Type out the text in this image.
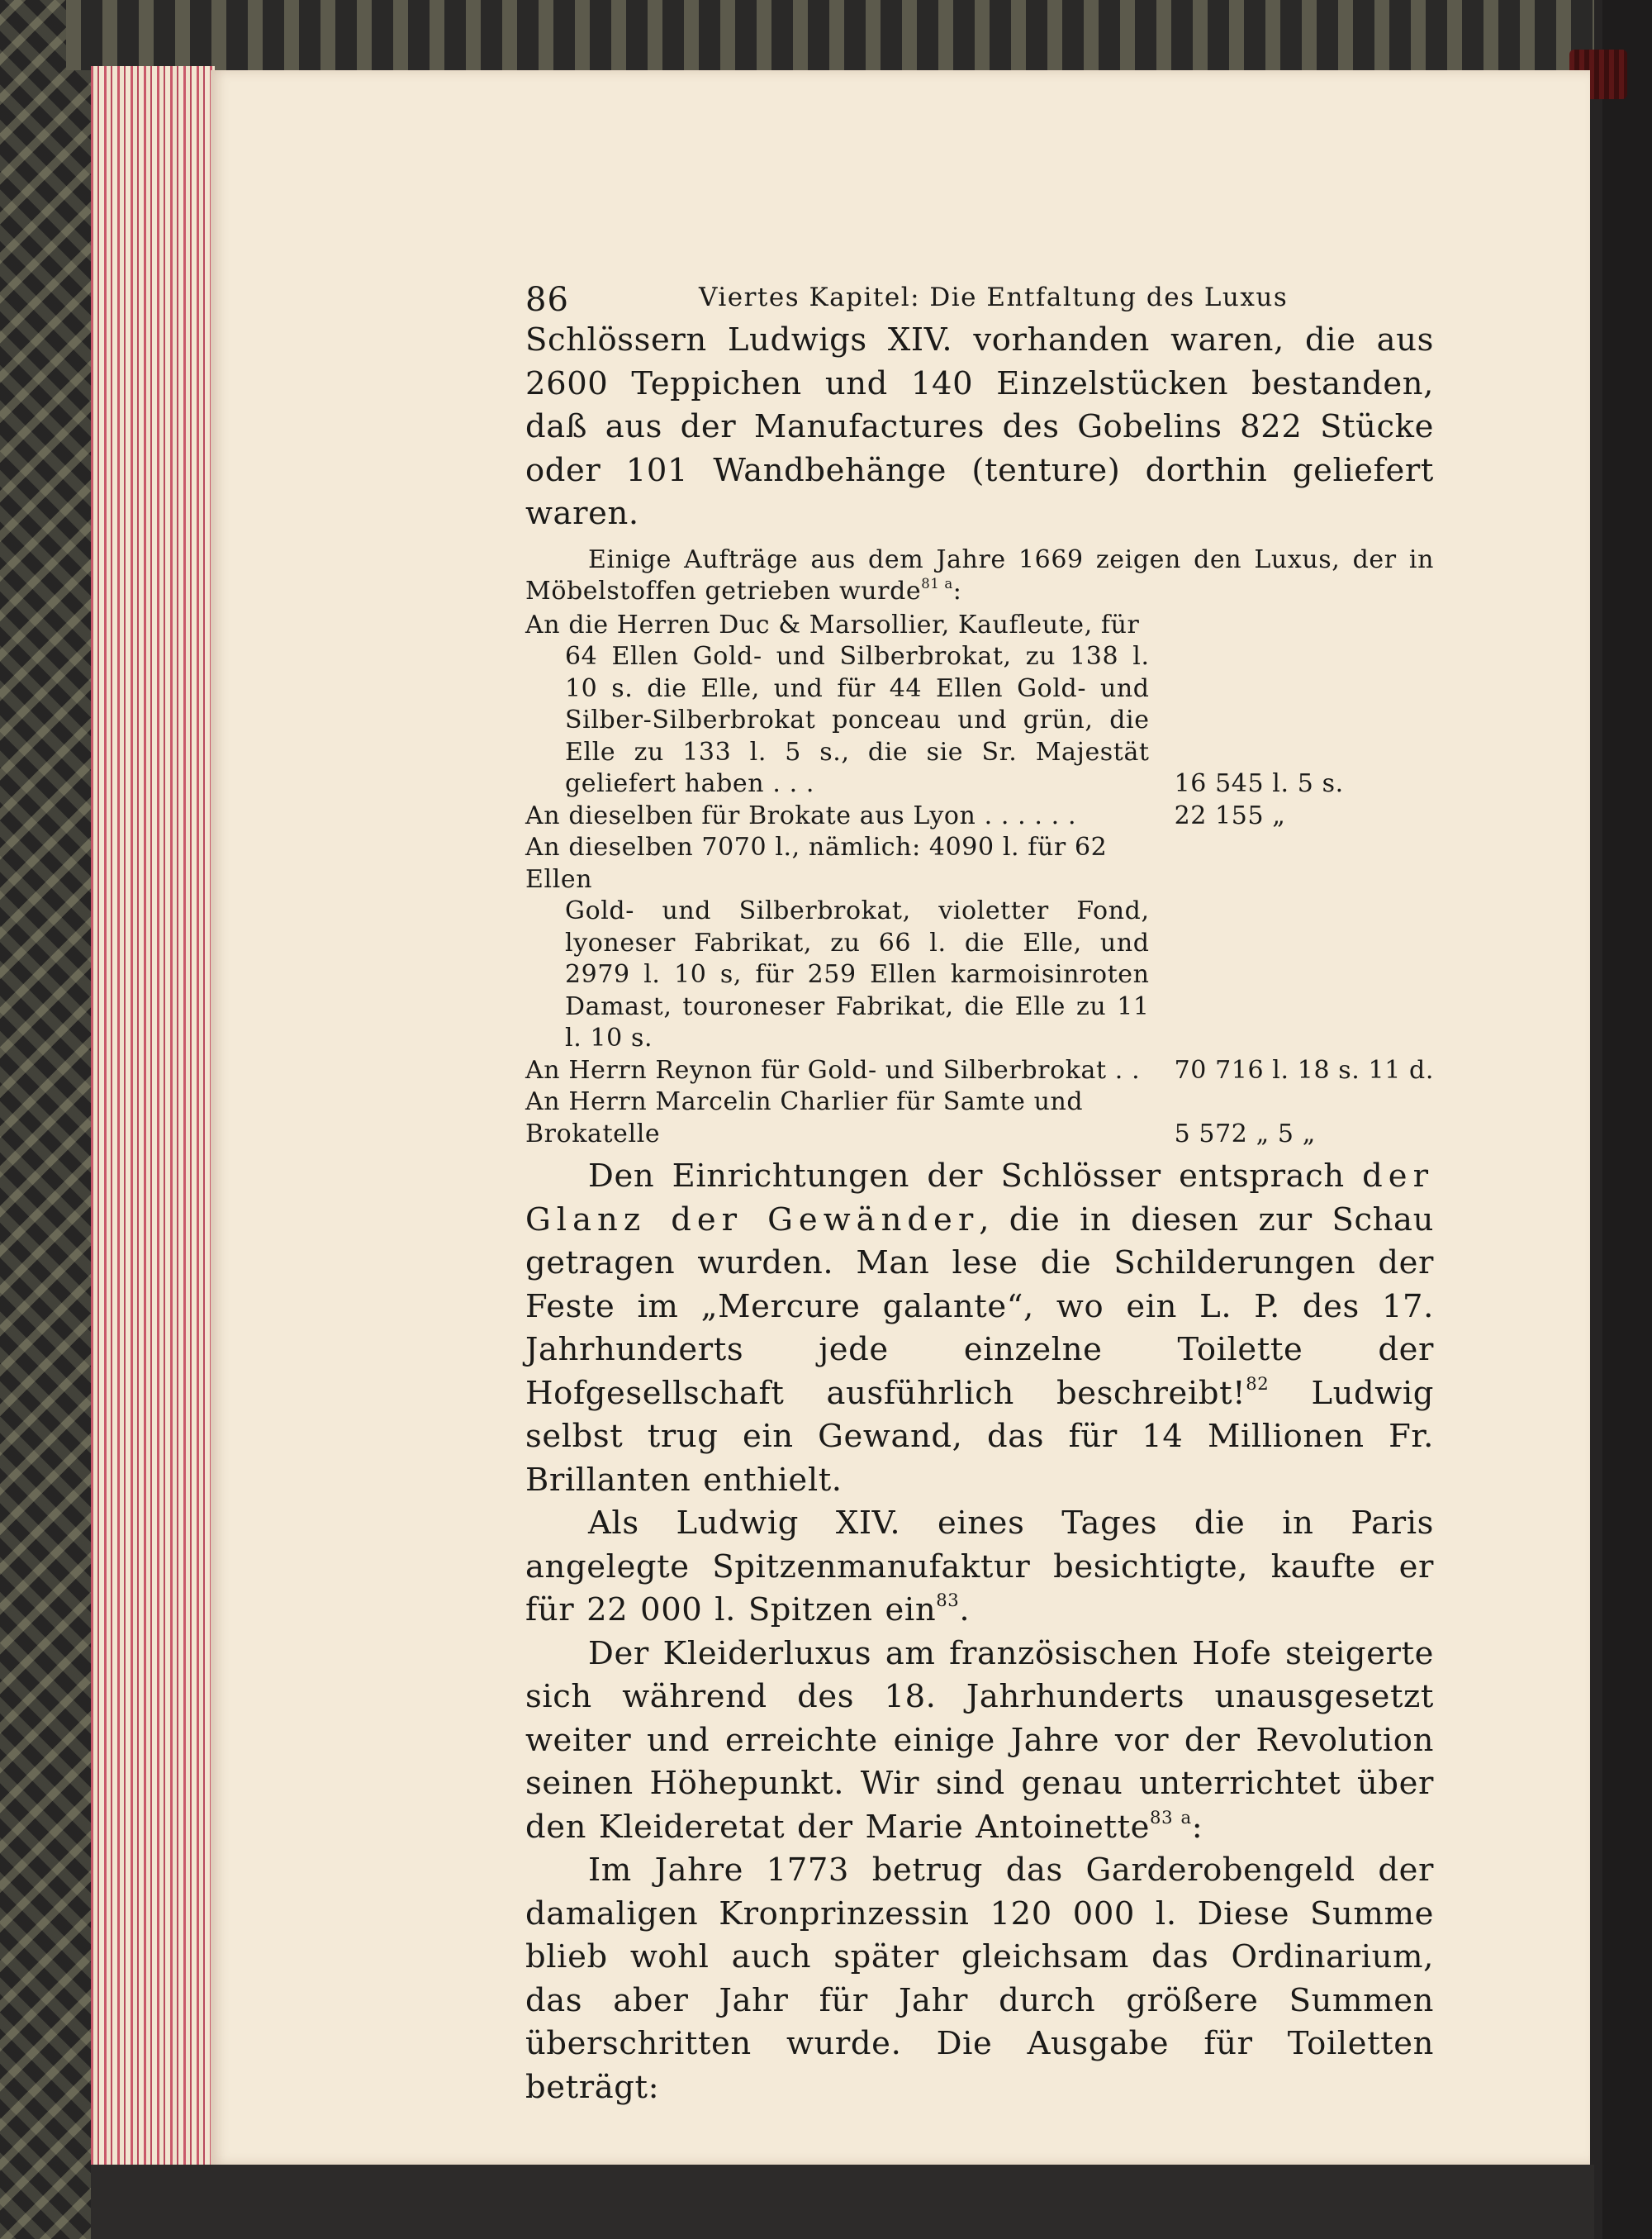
86	Viertes Kapitel: Die Entfaltung des Luxus

Schlössern Ludwigs XIV. vorhanden waren, die aus 2600 Teppichen und 140 Einzelstücken bestanden, daß aus der Manufactures des Gobelins 822 Stücke oder 101 Wandbehänge (tenture) dorthin geliefert waren.

Einige Aufträge aus dem Jahre 1669 zeigen den Luxus, der in Möbelstoffen getrieben wurde$^{81 a}$:

An die Herren Duc & Marsollier, Kaufleute, für
64 Ellen Gold- und Silberbrokat, zu 138 l. 10 s. die Elle, und für 44 Ellen Gold- und Silber-Silberbrokat ponceau und grün, die Elle zu 133 l. 5 s., die sie Sr. Majestät geliefert haben . . .	16 545 l. 5 s.
An dieselben für Brokate aus Lyon . . . . . .	22 155 „
An dieselben 7070 l., nämlich: 4090 l. für 62 Ellen
Gold- und Silberbrokat, violetter Fond, lyoneser Fabrikat, zu 66 l. die Elle, und 2979 l. 10 s, für 259 Ellen karmoisinroten Damast, touroneser Fabrikat, die Elle zu 11 l. 10 s.	

An Herrn Reynon für Gold- und Silberbrokat . .	70 716 l. 18 s. 11 d.
An Herrn Marcelin Charlier für Samte und Brokatelle	5 572 „ 5 „

Den Einrichtungen der Schlösser entsprach der Glanz der Gewänder, die in diesen zur Schau getragen wurden. Man lese die Schilderungen der Feste im „Mercure galante“, wo ein L. P. des 17. Jahrhunderts jede einzelne Toilette der Hofgesellschaft ausführlich beschreibt!$^{82}$ Ludwig selbst trug ein Gewand, das für 14 Millionen Fr. Brillanten enthielt.

Als Ludwig XIV. eines Tages die in Paris angelegte Spitzenmanufaktur besichtigte, kaufte er für 22 000 l. Spitzen ein$^{83}$.

Der Kleiderluxus am französischen Hofe steigerte sich während des 18. Jahrhunderts unausgesetzt weiter und erreichte einige Jahre vor der Revolution seinen Höhepunkt. Wir sind genau unterrichtet über den Kleideretat der Marie Antoinette$^{83 a}$:

Im Jahre 1773 betrug das Garderobengeld der damaligen Kronprinzessin 120 000 l. Diese Summe blieb wohl auch später gleichsam das Ordinarium, das aber Jahr für Jahr durch größere Summen überschritten wurde. Die Ausgabe für Toiletten beträgt:
